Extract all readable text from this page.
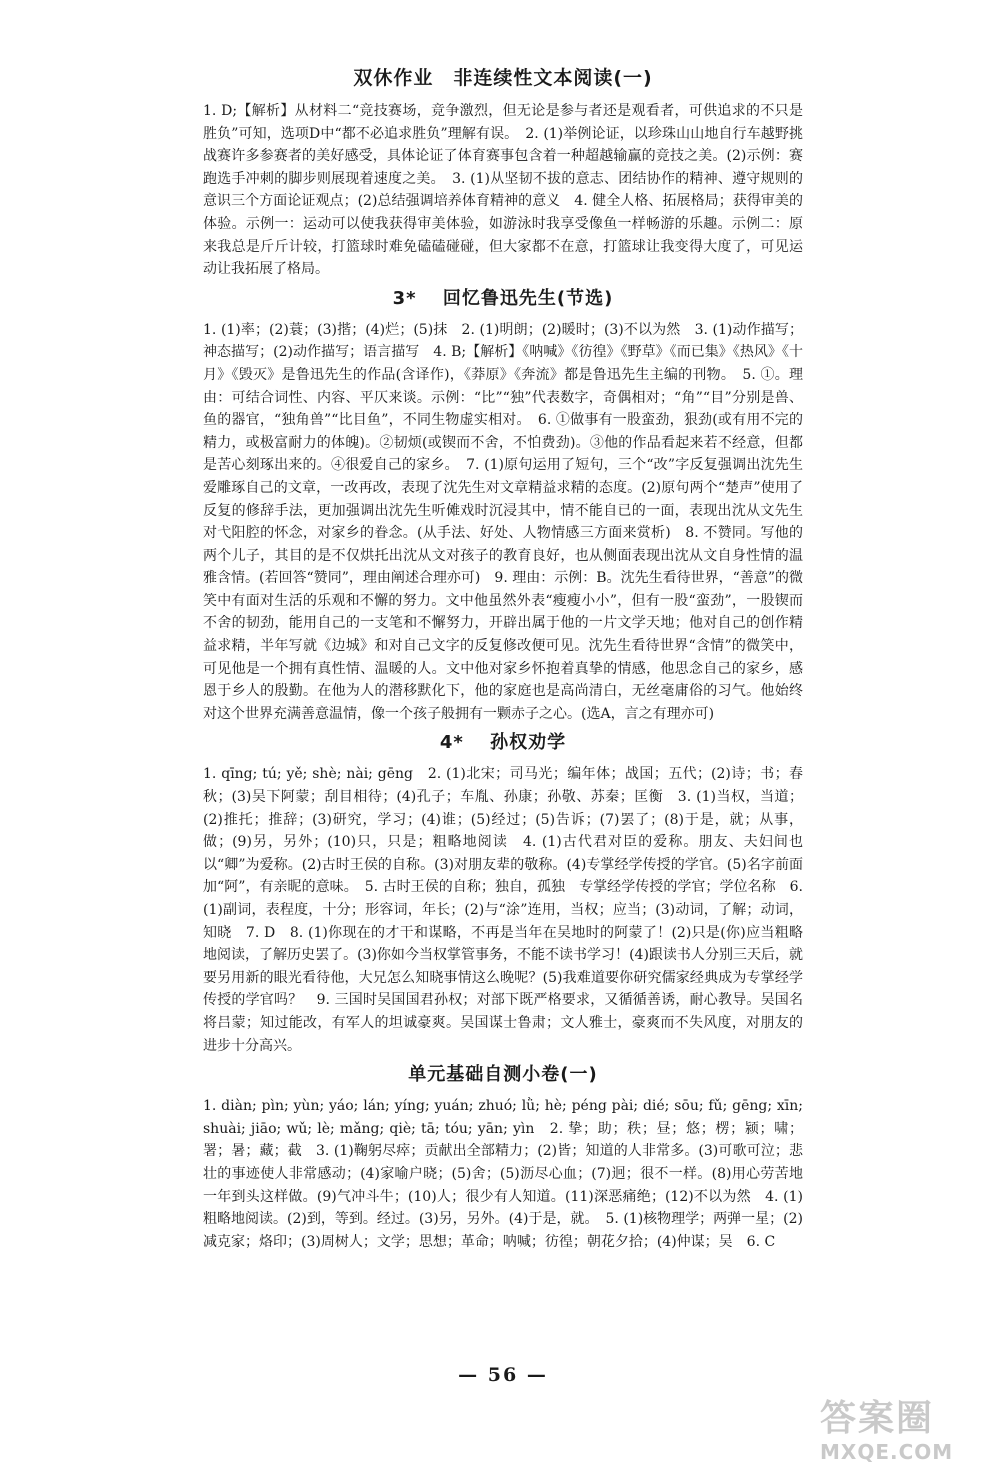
双休作业　非连续性文本阅读(一)

1. D;【解析】从材料二“竞技赛场，竞争激烈，但无论是参与者还是观看者，可供追求的不只是胜负”可知，选项D中“都不必追求胜负”理解有误。　2. (1)举例论证，以珍珠山山地自行车越野挑战赛许多参赛者的美好感受，具体论证了体育赛事包含着一种超越输赢的竞技之美。(2)示例：赛跑选手冲刺的脚步则展现着速度之美。　3. (1)从坚韧不拔的意志、团结协作的精神、遵守规则的意识三个方面论证观点；(2)总结强调培养体育精神的意义　4. 健全人格、拓展格局；获得审美的体验。示例一：运动可以使我获得审美体验，如游泳时我享受像鱼一样畅游的乐趣。示例二：原来我总是斤斤计较，打篮球时难免磕磕碰碰，但大家都不在意，打篮球让我变得大度了，可见运动让我拓展了格局。

3* 　回忆鲁迅先生(节选)

1. (1)率；(2)蓑；(3)揩；(4)烂；(5)抹　2. (1)明朗；(2)暖时；(3)不以为然　3. (1)动作描写；神态描写；(2)动作描写；语言描写　4. B;【解析】《呐喊》《彷徨》《野草》《而已集》《热风》《十月》《毁灭》是鲁迅先生的作品(含译作)，《莽原》《奔流》都是鲁迅先生主编的刊物。　5. ①。理由：可结合词性、内容、平仄来谈。示例：“比”“独”代表数字，奇偶相对；“角”“目”分别是兽、鱼的器官，“独角兽”“比目鱼”，不同生物虚实相对。　6. ①做事有一股蛮劲，狠劲(或有用不完的精力，或极富耐力的体魄)。②韧烦(或锲而不舍，不怕费劲)。③他的作品看起来若不经意，但都是苦心刻琢出来的。④很爱自己的家乡。　7. (1)原句运用了短句，三个“改”字反复强调出沈先生爱雕琢自己的文章，一改再改，表现了沈先生对文章精益求精的态度。(2)原句两个“楚声”使用了反复的修辞手法，更加强调出沈先生听傩戏时沉浸其中，情不能自已的一面，表现出沈从文先生对弋阳腔的怀念，对家乡的眷念。(从手法、好处、人物情感三方面来赏析)　8. 不赞同。写他的两个儿子，其目的是不仅烘托出沈从文对孩子的教育良好，也从侧面表现出沈从文自身性情的温雅含情。(若回答“赞同”，理由阐述合理亦可)　9. 理由：示例：B。沈先生看待世界，“善意”的微笑中有面对生活的乐观和不懈的努力。文中他虽然外表“瘦瘦小小”，但有一股“蛮劲”，一股锲而不舍的韧劲，能用自己的一支笔和不懈努力，开辟出属于他的一片文学天地；他对自己的创作精益求精，半年写就《边城》和对自己文字的反复修改便可见。沈先生看待世界“含情”的微笑中，可见他是一个拥有真性情、温暖的人。文中他对家乡怀抱着真挚的情感，他思念自己的家乡，感恩于乡人的殷勤。在他为人的潜移默化下，他的家庭也是高尚清白，无丝毫庸俗的习气。他始终对这个世界充满善意温情，像一个孩子般拥有一颗赤子之心。(选A，言之有理亦可)

4* 　孙权劝学

1. qīng; tú; yě; shè; nài; gēng　2. (1)北宋；司马光；编年体；战国；五代；(2)诗；书；春秋；(3)吴下阿蒙；刮目相待；(4)孔子；车胤、孙康；孙敬、苏秦；匡衡　3. (1)当权，当道；(2)推托；推辞；(3)研究，学习；(4)谁；(5)经过；(5)告诉；(7)罢了；(8)于是，就；从事，做；(9)另，另外；(10)只，只是；粗略地阅读　4. (1)古代君对臣的爱称。朋友、夫妇间也以“卿”为爱称。(2)古时王侯的自称。(3)对朋友辈的敬称。(4)专掌经学传授的学官。(5)名字前面加“阿”，有亲昵的意味。　5. 古时王侯的自称；独自，孤独　专掌经学传授的学官；学位名称　6. (1)副词，表程度，十分；形容词，年长；(2)与“涂”连用，当权；应当；(3)动词，了解；动词，知晓　7. D　8. (1)你现在的才干和谋略，不再是当年在吴地时的阿蒙了！(2)只是(你)应当粗略地阅读，了解历史罢了。(3)你如今当权掌管事务，不能不读书学习！(4)跟读书人分别三天后，就要另用新的眼光看待他，大兄怎么知晓事情这么晚呢？(5)我难道要你研究儒家经典成为专掌经学传授的学官吗？　9. 三国时吴国国君孙权；对部下既严格要求，又循循善诱，耐心教导。吴国名将吕蒙；知过能改，有军人的坦诚豪爽。吴国谋士鲁肃；文人雅士，豪爽而不失风度，对朋友的进步十分高兴。

单元基础自测小卷(一)

1. diàn; pìn; yùn; yáo; lán; yíng; yuán; zhuó; lǜ; hè; péng pài; dié; sōu; fǔ; gēng; xīn; shuài; jiāo; wǔ; lè; mǎng; qiè; tā; tóu; yān; yìn　2. 挚；助；秩；昼；悠；楞；颍；啸；署；暑；藏；截　3. (1)鞠躬尽瘁；贡献出全部精力；(2)皆；知道的人非常多。(3)可歌可泣；悲壮的事迹使人非常感动；(4)家喻户晓；(5)舍；(5)沥尽心血；(7)迥；很不一样。(8)用心劳苦地一年到头这样做。(9)气冲斗牛；(10)人；很少有人知道。(11)深恶痛绝；(12)不以为然　4. (1)粗略地阅读。(2)到，等到。经过。(3)另，另外。(4)于是，就。　5. (1)核物理学；两弹一星；(2)减克家；烙印；(3)周树人；文学；思想；革命；呐喊；彷徨；朝花夕拾；(4)仲谋；吴　6. C

— 56 —
答案圈
MXQE.COM
